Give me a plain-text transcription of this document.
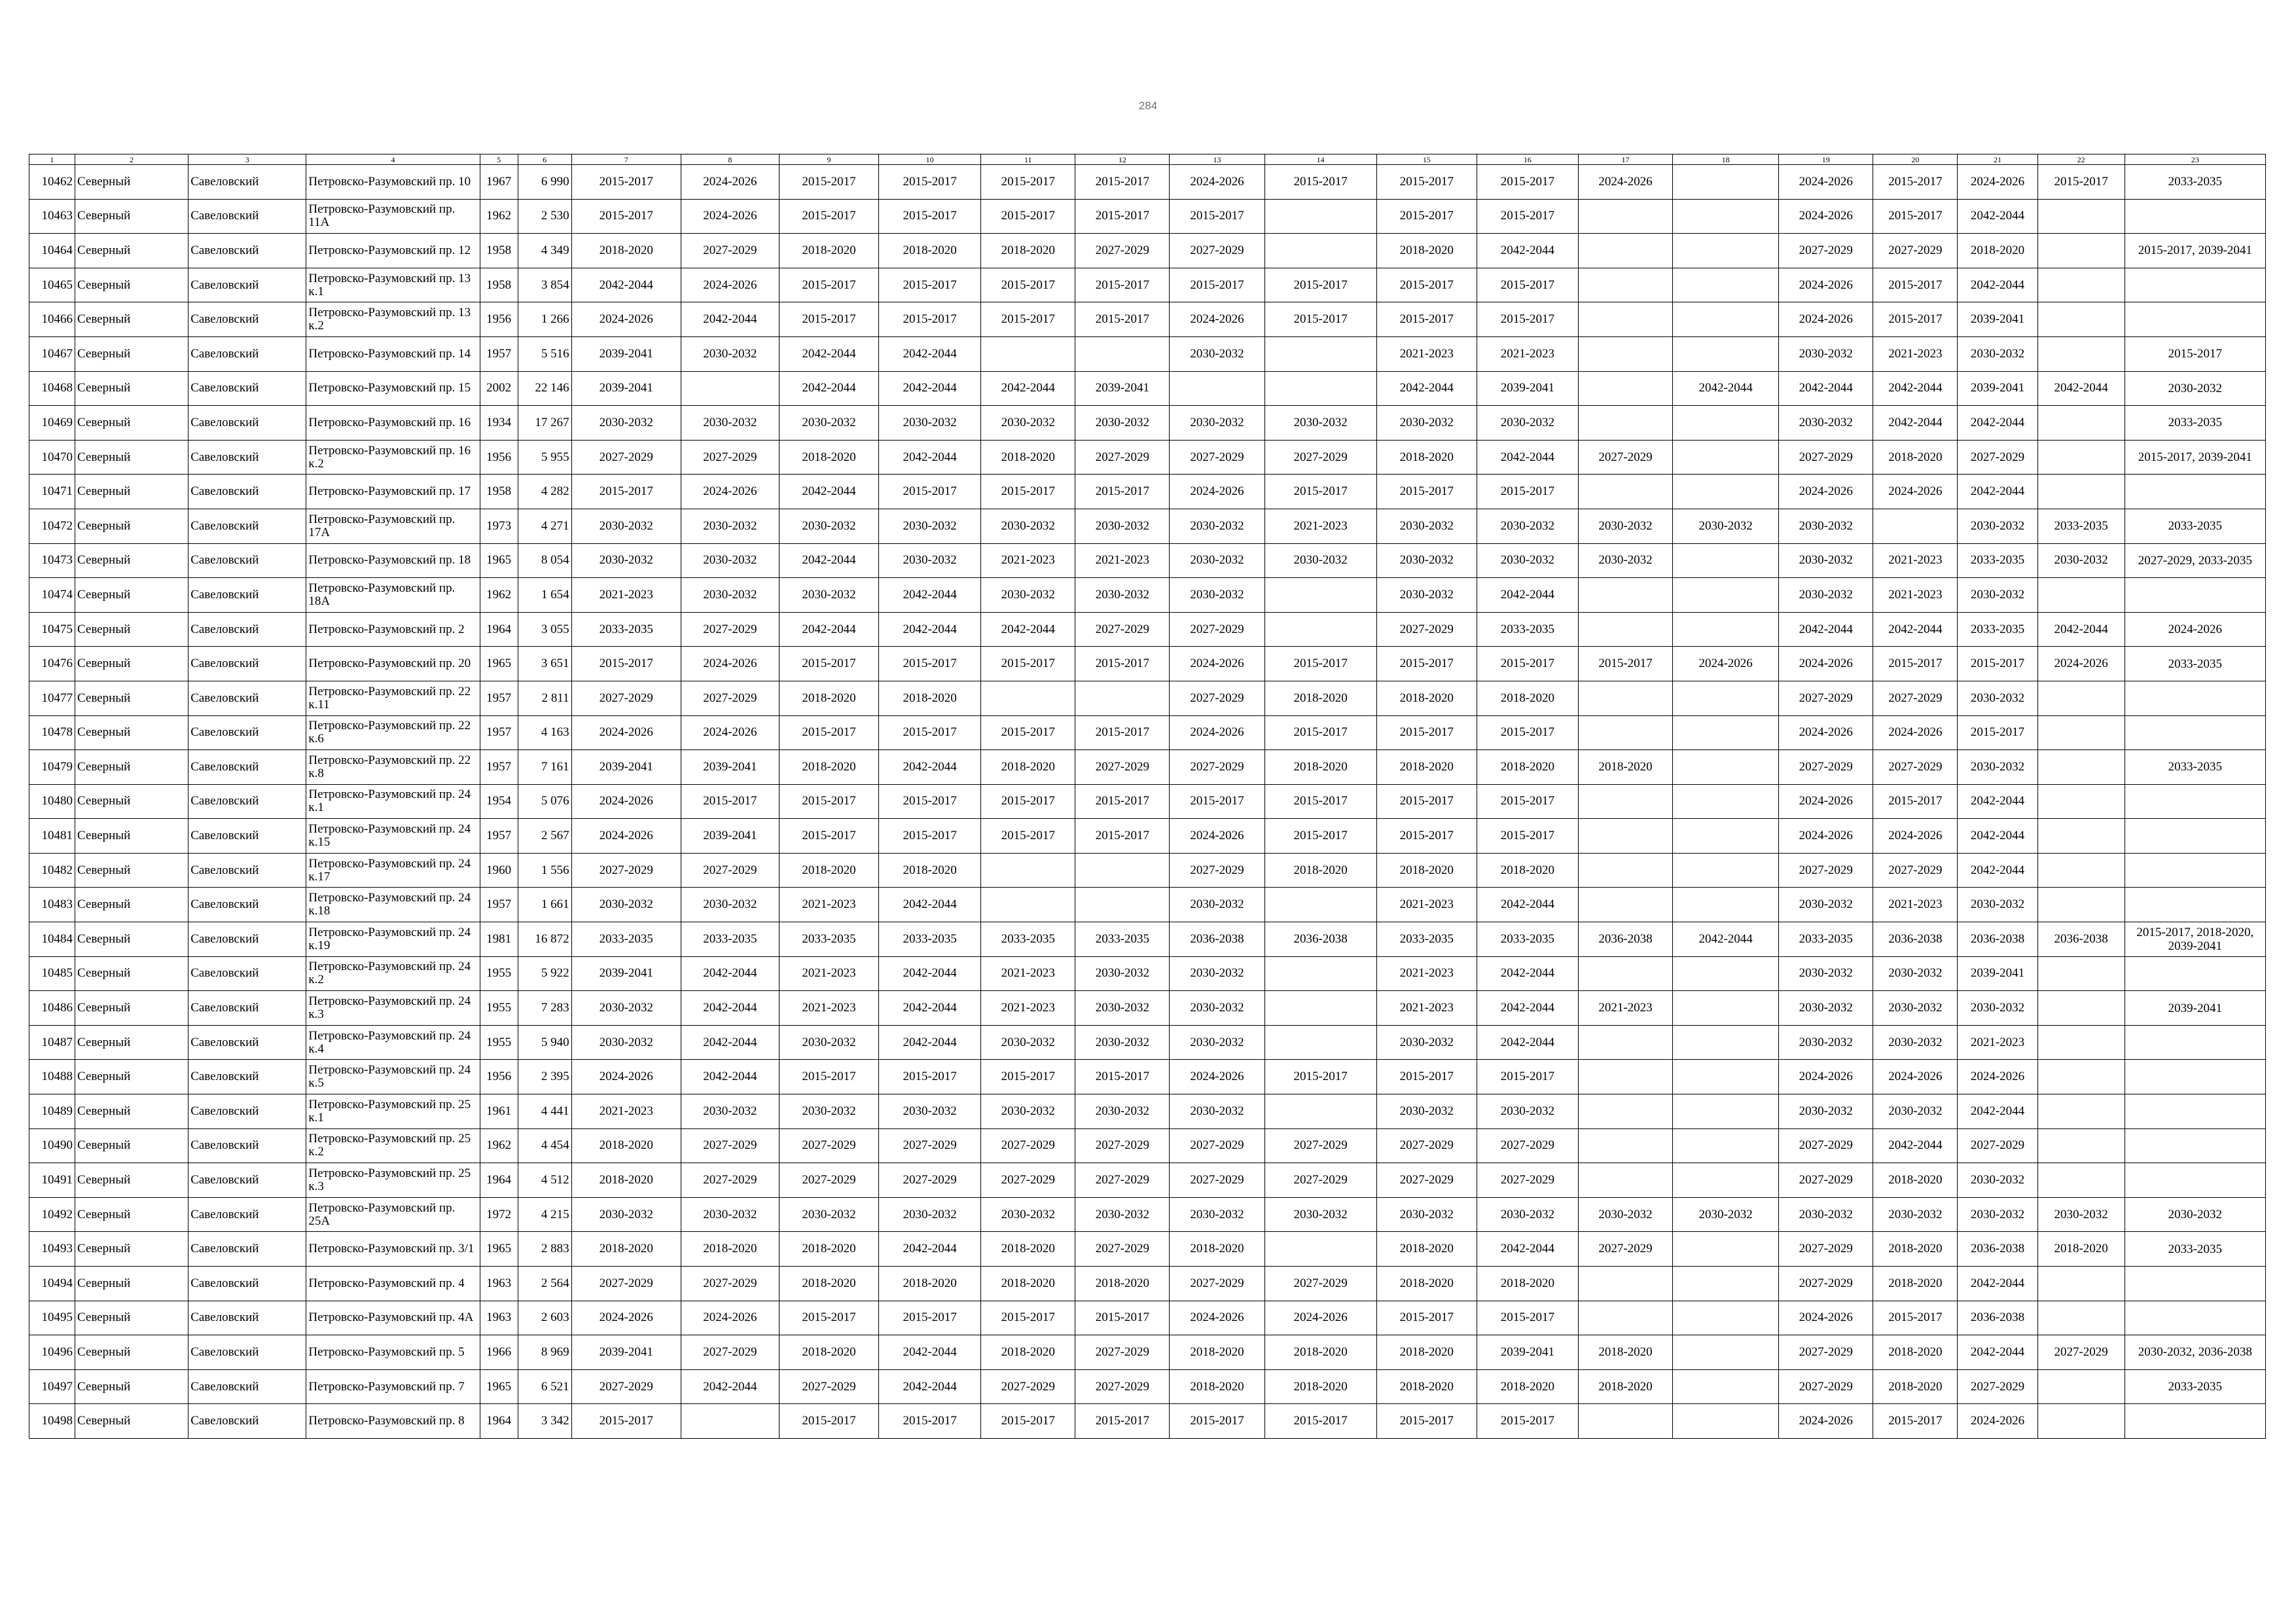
284
1	2	3	4	5	6	7	8	9	10	11	12	13	14	15	16	17	18	19	20	21	22	23
10462	Северный	Савеловский	Петровско-Разумовский пр. 10	1967	6 990	2015-2017	2024-2026	2015-2017	2015-2017	2015-2017	2015-2017	2024-2026	2015-2017	2015-2017	2015-2017	2024-2026		2024-2026	2015-2017	2024-2026	2015-2017	2033-2035
10463	Северный	Савеловский	Петровско-Разумовский пр. 11А	1962	2 530	2015-2017	2024-2026	2015-2017	2015-2017	2015-2017	2015-2017	2015-2017		2015-2017	2015-2017			2024-2026	2015-2017	2042-2044		
10464	Северный	Савеловский	Петровско-Разумовский пр. 12	1958	4 349	2018-2020	2027-2029	2018-2020	2018-2020	2018-2020	2027-2029	2027-2029		2018-2020	2042-2044			2027-2029	2027-2029	2018-2020		2015-2017, 2039-2041
10465	Северный	Савеловский	Петровско-Разумовский пр. 13 к.1	1958	3 854	2042-2044	2024-2026	2015-2017	2015-2017	2015-2017	2015-2017	2015-2017	2015-2017	2015-2017	2015-2017			2024-2026	2015-2017	2042-2044		
10466	Северный	Савеловский	Петровско-Разумовский пр. 13 к.2	1956	1 266	2024-2026	2042-2044	2015-2017	2015-2017	2015-2017	2015-2017	2024-2026	2015-2017	2015-2017	2015-2017			2024-2026	2015-2017	2039-2041		
10467	Северный	Савеловский	Петровско-Разумовский пр. 14	1957	5 516	2039-2041	2030-2032	2042-2044	2042-2044			2030-2032		2021-2023	2021-2023			2030-2032	2021-2023	2030-2032		2015-2017
10468	Северный	Савеловский	Петровско-Разумовский пр. 15	2002	22 146	2039-2041		2042-2044	2042-2044	2042-2044	2039-2041			2042-2044	2039-2041		2042-2044	2042-2044	2042-2044	2039-2041	2042-2044	2030-2032
10469	Северный	Савеловский	Петровско-Разумовский пр. 16	1934	17 267	2030-2032	2030-2032	2030-2032	2030-2032	2030-2032	2030-2032	2030-2032	2030-2032	2030-2032	2030-2032			2030-2032	2042-2044	2042-2044		2033-2035
10470	Северный	Савеловский	Петровско-Разумовский пр. 16 к.2	1956	5 955	2027-2029	2027-2029	2018-2020	2042-2044	2018-2020	2027-2029	2027-2029	2027-2029	2018-2020	2042-2044	2027-2029		2027-2029	2018-2020	2027-2029		2015-2017, 2039-2041
10471	Северный	Савеловский	Петровско-Разумовский пр. 17	1958	4 282	2015-2017	2024-2026	2042-2044	2015-2017	2015-2017	2015-2017	2024-2026	2015-2017	2015-2017	2015-2017			2024-2026	2024-2026	2042-2044		
10472	Северный	Савеловский	Петровско-Разумовский пр. 17А	1973	4 271	2030-2032	2030-2032	2030-2032	2030-2032	2030-2032	2030-2032	2030-2032	2021-2023	2030-2032	2030-2032	2030-2032	2030-2032	2030-2032		2030-2032	2033-2035	2033-2035
10473	Северный	Савеловский	Петровско-Разумовский пр. 18	1965	8 054	2030-2032	2030-2032	2042-2044	2030-2032	2021-2023	2021-2023	2030-2032	2030-2032	2030-2032	2030-2032	2030-2032		2030-2032	2021-2023	2033-2035	2030-2032	2027-2029, 2033-2035
10474	Северный	Савеловский	Петровско-Разумовский пр. 18А	1962	1 654	2021-2023	2030-2032	2030-2032	2042-2044	2030-2032	2030-2032	2030-2032		2030-2032	2042-2044			2030-2032	2021-2023	2030-2032		
10475	Северный	Савеловский	Петровско-Разумовский пр. 2	1964	3 055	2033-2035	2027-2029	2042-2044	2042-2044	2042-2044	2027-2029	2027-2029		2027-2029	2033-2035			2042-2044	2042-2044	2033-2035	2042-2044	2024-2026
10476	Северный	Савеловский	Петровско-Разумовский пр. 20	1965	3 651	2015-2017	2024-2026	2015-2017	2015-2017	2015-2017	2015-2017	2024-2026	2015-2017	2015-2017	2015-2017	2015-2017	2024-2026	2024-2026	2015-2017	2015-2017	2024-2026	2033-2035
10477	Северный	Савеловский	Петровско-Разумовский пр. 22 к.11	1957	2 811	2027-2029	2027-2029	2018-2020	2018-2020			2027-2029	2018-2020	2018-2020	2018-2020			2027-2029	2027-2029	2030-2032		
10478	Северный	Савеловский	Петровско-Разумовский пр. 22 к.6	1957	4 163	2024-2026	2024-2026	2015-2017	2015-2017	2015-2017	2015-2017	2024-2026	2015-2017	2015-2017	2015-2017			2024-2026	2024-2026	2015-2017		
10479	Северный	Савеловский	Петровско-Разумовский пр. 22 к.8	1957	7 161	2039-2041	2039-2041	2018-2020	2042-2044	2018-2020	2027-2029	2027-2029	2018-2020	2018-2020	2018-2020	2018-2020		2027-2029	2027-2029	2030-2032		2033-2035
10480	Северный	Савеловский	Петровско-Разумовский пр. 24 к.1	1954	5 076	2024-2026	2015-2017	2015-2017	2015-2017	2015-2017	2015-2017	2015-2017	2015-2017	2015-2017	2015-2017			2024-2026	2015-2017	2042-2044		
10481	Северный	Савеловский	Петровско-Разумовский пр. 24 к.15	1957	2 567	2024-2026	2039-2041	2015-2017	2015-2017	2015-2017	2015-2017	2024-2026	2015-2017	2015-2017	2015-2017			2024-2026	2024-2026	2042-2044		
10482	Северный	Савеловский	Петровско-Разумовский пр. 24 к.17	1960	1 556	2027-2029	2027-2029	2018-2020	2018-2020			2027-2029	2018-2020	2018-2020	2018-2020			2027-2029	2027-2029	2042-2044		
10483	Северный	Савеловский	Петровско-Разумовский пр. 24 к.18	1957	1 661	2030-2032	2030-2032	2021-2023	2042-2044			2030-2032		2021-2023	2042-2044			2030-2032	2021-2023	2030-2032		
10484	Северный	Савеловский	Петровско-Разумовский пр. 24 к.19	1981	16 872	2033-2035	2033-2035	2033-2035	2033-2035	2033-2035	2033-2035	2036-2038	2036-2038	2033-2035	2033-2035	2036-2038	2042-2044	2033-2035	2036-2038	2036-2038	2036-2038	2015-2017, 2018-2020, 2039-2041
10485	Северный	Савеловский	Петровско-Разумовский пр. 24 к.2	1955	5 922	2039-2041	2042-2044	2021-2023	2042-2044	2021-2023	2030-2032	2030-2032		2021-2023	2042-2044			2030-2032	2030-2032	2039-2041		
10486	Северный	Савеловский	Петровско-Разумовский пр. 24 к.3	1955	7 283	2030-2032	2042-2044	2021-2023	2042-2044	2021-2023	2030-2032	2030-2032		2021-2023	2042-2044	2021-2023		2030-2032	2030-2032	2030-2032		2039-2041
10487	Северный	Савеловский	Петровско-Разумовский пр. 24 к.4	1955	5 940	2030-2032	2042-2044	2030-2032	2042-2044	2030-2032	2030-2032	2030-2032		2030-2032	2042-2044			2030-2032	2030-2032	2021-2023		
10488	Северный	Савеловский	Петровско-Разумовский пр. 24 к.5	1956	2 395	2024-2026	2042-2044	2015-2017	2015-2017	2015-2017	2015-2017	2024-2026	2015-2017	2015-2017	2015-2017			2024-2026	2024-2026	2024-2026		
10489	Северный	Савеловский	Петровско-Разумовский пр. 25 к.1	1961	4 441	2021-2023	2030-2032	2030-2032	2030-2032	2030-2032	2030-2032	2030-2032		2030-2032	2030-2032			2030-2032	2030-2032	2042-2044		
10490	Северный	Савеловский	Петровско-Разумовский пр. 25 к.2	1962	4 454	2018-2020	2027-2029	2027-2029	2027-2029	2027-2029	2027-2029	2027-2029	2027-2029	2027-2029	2027-2029			2027-2029	2042-2044	2027-2029		
10491	Северный	Савеловский	Петровско-Разумовский пр. 25 к.3	1964	4 512	2018-2020	2027-2029	2027-2029	2027-2029	2027-2029	2027-2029	2027-2029	2027-2029	2027-2029	2027-2029			2027-2029	2018-2020	2030-2032		
10492	Северный	Савеловский	Петровско-Разумовский пр. 25А	1972	4 215	2030-2032	2030-2032	2030-2032	2030-2032	2030-2032	2030-2032	2030-2032	2030-2032	2030-2032	2030-2032	2030-2032	2030-2032	2030-2032	2030-2032	2030-2032	2030-2032	2030-2032
10493	Северный	Савеловский	Петровско-Разумовский пр. 3/1	1965	2 883	2018-2020	2018-2020	2018-2020	2042-2044	2018-2020	2027-2029	2018-2020		2018-2020	2042-2044	2027-2029		2027-2029	2018-2020	2036-2038	2018-2020	2033-2035
10494	Северный	Савеловский	Петровско-Разумовский пр. 4	1963	2 564	2027-2029	2027-2029	2018-2020	2018-2020	2018-2020	2018-2020	2027-2029	2027-2029	2018-2020	2018-2020			2027-2029	2018-2020	2042-2044		
10495	Северный	Савеловский	Петровско-Разумовский пр. 4А	1963	2 603	2024-2026	2024-2026	2015-2017	2015-2017	2015-2017	2015-2017	2024-2026	2024-2026	2015-2017	2015-2017			2024-2026	2015-2017	2036-2038		
10496	Северный	Савеловский	Петровско-Разумовский пр. 5	1966	8 969	2039-2041	2027-2029	2018-2020	2042-2044	2018-2020	2027-2029	2018-2020	2018-2020	2018-2020	2039-2041	2018-2020		2027-2029	2018-2020	2042-2044	2027-2029	2030-2032, 2036-2038
10497	Северный	Савеловский	Петровско-Разумовский пр. 7	1965	6 521	2027-2029	2042-2044	2027-2029	2042-2044	2027-2029	2027-2029	2018-2020	2018-2020	2018-2020	2018-2020	2018-2020		2027-2029	2018-2020	2027-2029		2033-2035
10498	Северный	Савеловский	Петровско-Разумовский пр. 8	1964	3 342	2015-2017		2015-2017	2015-2017	2015-2017	2015-2017	2015-2017	2015-2017	2015-2017	2015-2017			2024-2026	2015-2017	2024-2026		
